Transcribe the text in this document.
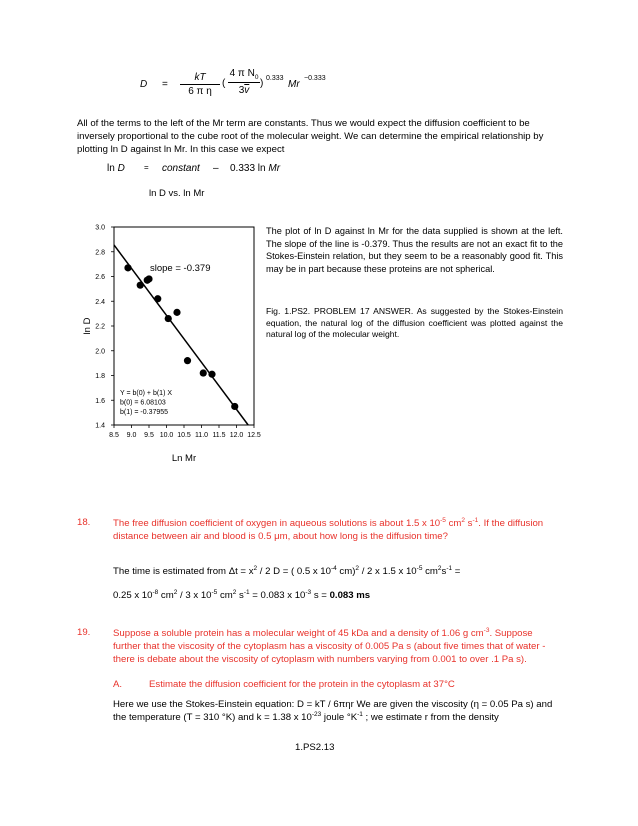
D =
kT
6 π η
(
4 π $N_0$
$3\overline{v}$
) 0.333
Mr
−0.333

All of the terms to the left of the Mr term are constants. Thus we would expect the diffusion coefficient to be inversely proportional to the cube root of the molecular weight. We can determine the empirical relationship by plotting ln D against ln Mr. In this case we expect

ln D = constant – 0.333 ln Mr
ln D vs. ln Mr
1.4
1.6
1.8
2.0
2.2
2.4
2.6
2.8
3.0
8.5 9.0 9.5 10.0 10.5 11.0 11.5 12.0 12.5
Ln Mr
ln D
slope = -0.379
Y = b(0) + b(1) X
b(0) = 6.08103
b(1) = -0.37955

The plot of ln D against ln Mr for the data supplied is shown at the left. The slope of the line is -0.379. Thus the results are not an exact fit to the Stokes-Einstein relation, but they seem to be a reasonably good fit. This may be in part because these proteins are not spherical.

Fig. 1.PS2. PROBLEM 17 ANSWER. As suggested by the Stokes-Einstein equation, the natural log of the diffusion coefficient was plotted against the natural log of the molecular weight.

18. The free diffusion coefficient of oxygen in aqueous solutions is about 1.5 x $10^{-5}$ $cm^2$ $s^{-1}$. If the diffusion distance between air and blood is 0.5 μm, about how long is the diffusion time?

The time is estimated from $\Delta t = x^2 / 2$ D = ( 0.5 x $10^{-4}$ cm)$^2$ / 2 x 1.5 x $10^{-5}$ $cm^2s^{-1}$ =

0.25 x $10^{-8}$ $cm^2 / 3$ x $10^{-5}$ $cm^2$ $s^{-1} = 0.083$ x $10^{-3}$ s = 0.083 ms

19. Suppose a soluble protein has a molecular weight of 45 kDa and a density of 1.06 g $cm^{-3}$. Suppose further that the viscosity of the cytoplasm has a viscosity of 0.005 Pa s (about five times that of water - there is debate about the viscosity of cytoplasm with numbers varying from 0.001 to over .1 Pa s).

A.	Estimate the diffusion coefficient for the protein in the cytoplasm at 37°C

Here we use the Stokes-Einstein equation: D = kT / 6πηr We are given the viscosity (η = 0.05 Pa s) and the temperature (T = 310 °K) and k = 1.38 x $10^{-23}$ joule $^\circ K^{-1}$ ; we estimate r from the density

1.PS2.13
